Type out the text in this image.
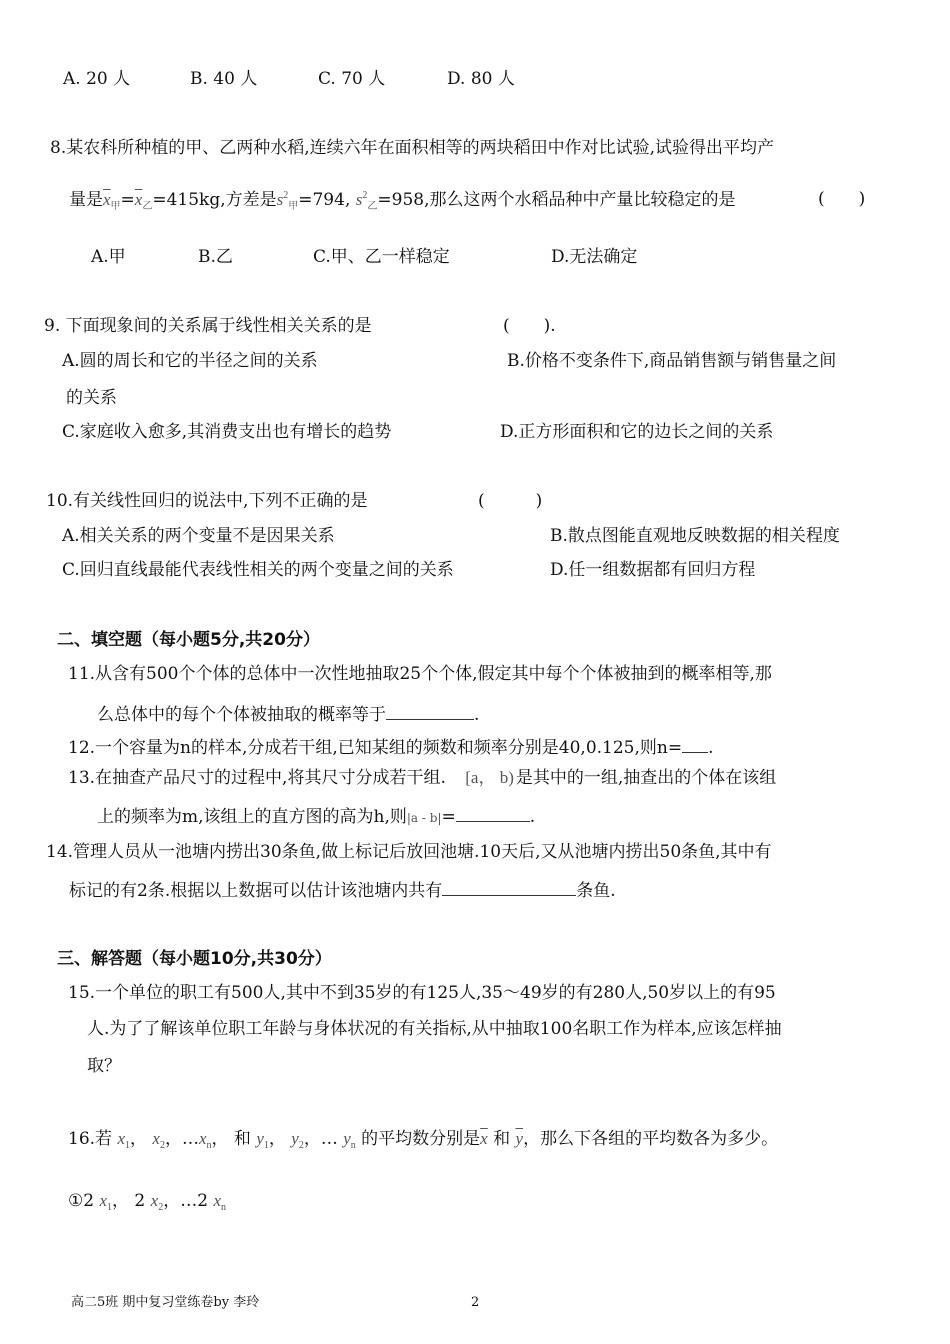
A. 20 人	B. 40 人	C. 70 人	D. 80 人
8.某农科所种植的甲、乙两种水稻,连续六年在面积相等的两块稻田中作对比试验,试验得出平均产
量是$\overline{x}_甲=\overline{x}_乙=415kg$,方差是$s^2_甲=794$, $s^2_乙=958$,那么这两个水稻品种中产量比较稳定的是	(　　)
A.甲	B.乙	C.甲、乙一样稳定	D.无法确定
9. 下面现象间的关系属于线性相关关系的是	(　　).
A.圆的周长和它的半径之间的关系	B.价格不变条件下,商品销售额与销售量之间
的关系
C.家庭收入愈多,其消费支出也有增长的趋势	D.正方形面积和它的边长之间的关系
10.有关线性回归的说法中,下列不正确的是	(　　　)
A.相关关系的两个变量不是因果关系	B.散点图能直观地反映数据的相关程度
C.回归直线最能代表线性相关的两个变量之间的关系	D.任一组数据都有回归方程
二、填空题（每小题5分,共20分）
11.从含有500个个体的总体中一次性地抽取25个个体,假定其中每个个体被抽到的概率相等,那
么总体中的每个个体被抽取的概率等于	.
12.一个容量为n的样本,分成若干组,已知某组的频数和频率分别是40,0.125,则n= .
13.在抽查产品尺寸的过程中,将其尺寸分成若干组. [a， b) 是其中的一组,抽查出的个体在该组
上的频率为m,该组上的直方图的高为h,则|a - b|=	.
14.管理人员从一池塘内捞出30条鱼,做上标记后放回池塘.10天后,又从池塘内捞出50条鱼,其中有
标记的有2条.根据以上数据可以估计该池塘内共有	条鱼.
三、解答题（每小题10分,共30分）
15.一个单位的职工有500人,其中不到35岁的有125人,35～49岁的有280人,50岁以上的有95
人.为了了解该单位职工年龄与身体状况的有关指标,从中抽取100名职工作为样本,应该怎样抽
取？
16.若 $x_1$， $x_2$，$\dots x_n$， 和 $y_1$， $y_2$，… $y_n$ 的平均数分别是$\overline{x}$ 和 $\overline{y}$，那么下各组的平均数各为多少。
①2 $x_1$， 2 $x_2$，…2 $x_n$
高二5班 期中复习堂练卷by 李玲	2
